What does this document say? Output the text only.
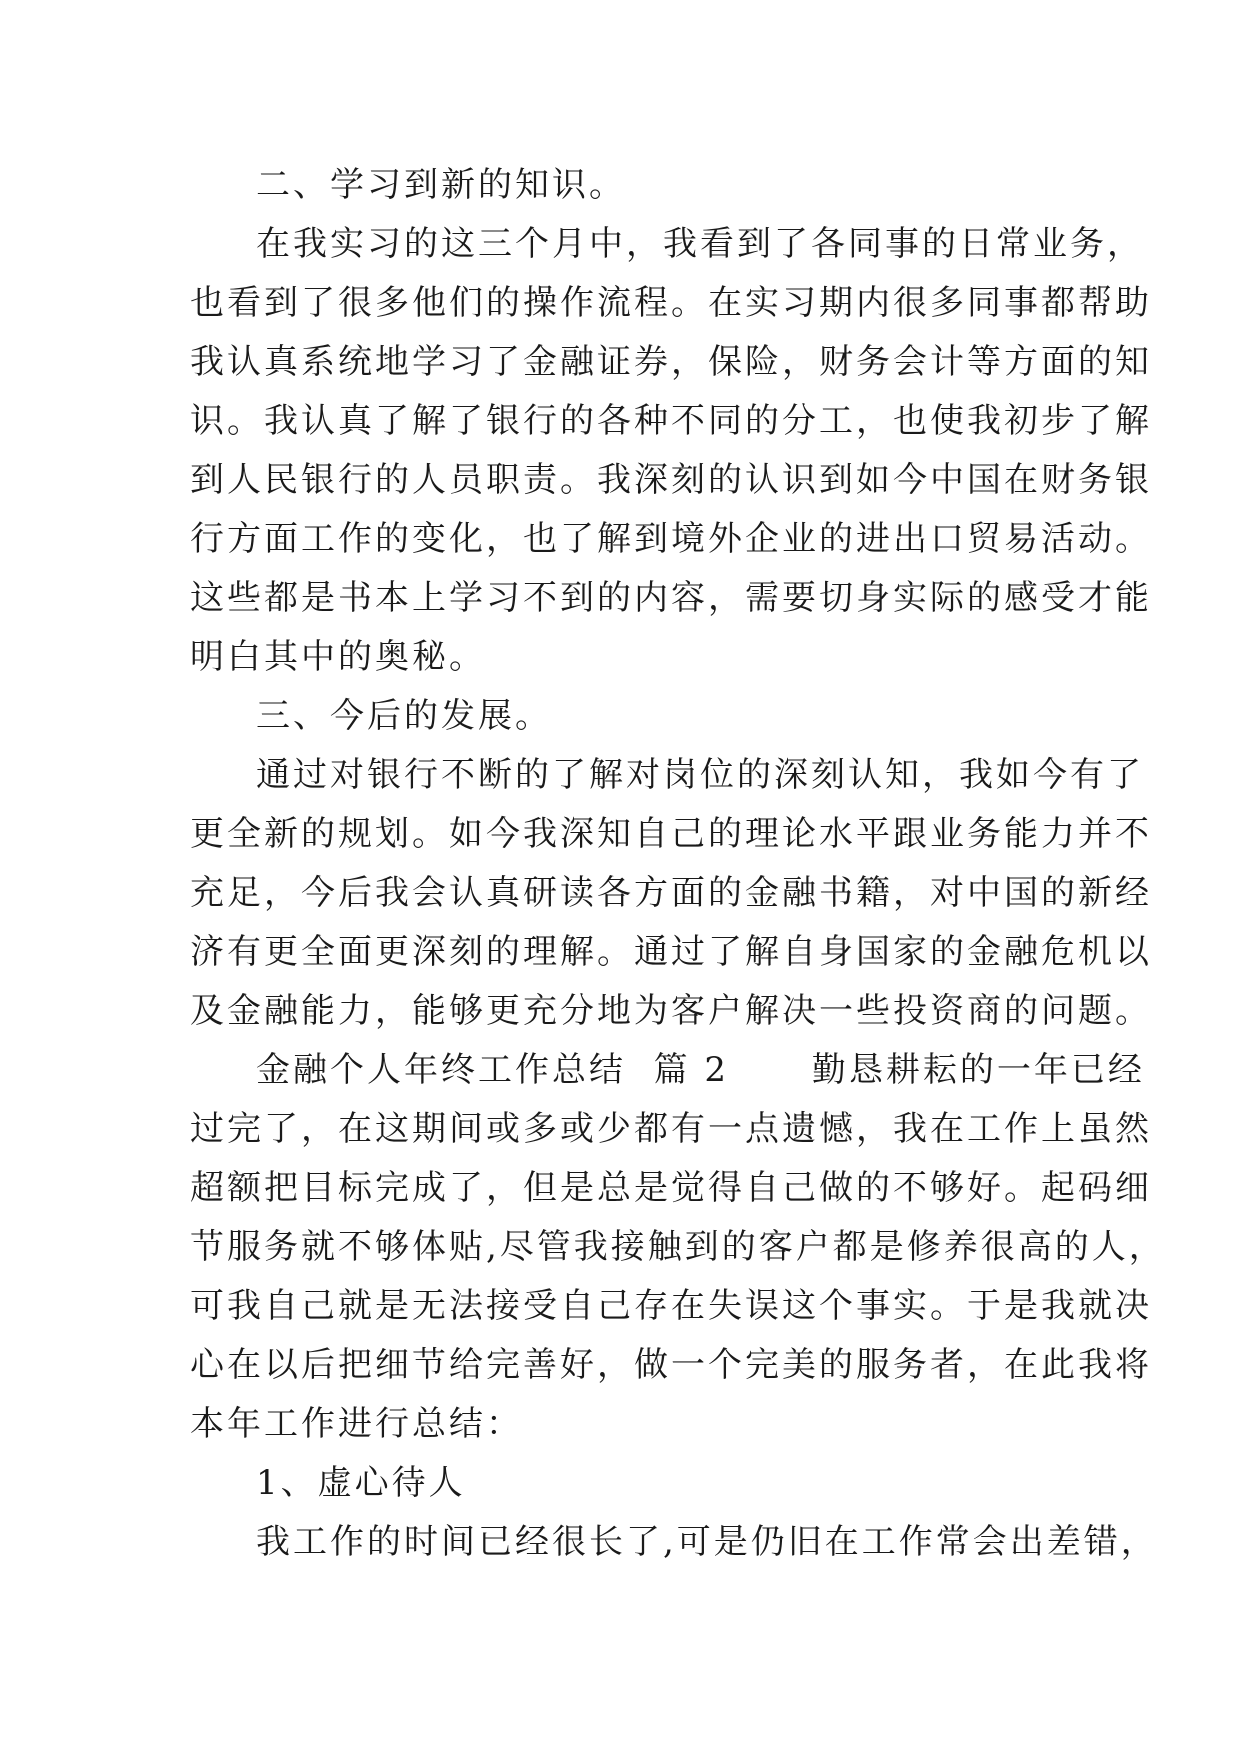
二、学习到新的知识。
在我实习的这三个月中，我看到了各同事的日常业务，
也看到了很多他们的操作流程。在实习期内很多同事都帮助
我认真系统地学习了金融证券，保险，财务会计等方面的知
识。我认真了解了银行的各种不同的分工，也使我初步了解
到人民银行的人员职责。我深刻的认识到如今中国在财务银
行方面工作的变化，也了解到境外企业的进出口贸易活动。
这些都是书本上学习不到的内容，需要切身实际的感受才能
明白其中的奥秘。
三、今后的发展。
通过对银行不断的了解对岗位的深刻认知，我如今有了
更全新的规划。如今我深知自己的理论水平跟业务能力并不
充足，今后我会认真研读各方面的金融书籍，对中国的新经
济有更全面更深刻的理解。通过了解自身国家的金融危机以
及金融能力，能够更充分地为客户解决一些投资商的问题。
金融个人年终工作总结  篇 2      勤恳耕耘的一年已经
过完了，在这期间或多或少都有一点遗憾，我在工作上虽然
超额把目标完成了，但是总是觉得自己做的不够好。起码细
节服务就不够体贴,尽管我接触到的客户都是修养很高的人，
可我自己就是无法接受自己存在失误这个事实。于是我就决
心在以后把细节给完善好，做一个完美的服务者，在此我将
本年工作进行总结：
1、虚心待人
我工作的时间已经很长了,可是仍旧在工作常会出差错，
